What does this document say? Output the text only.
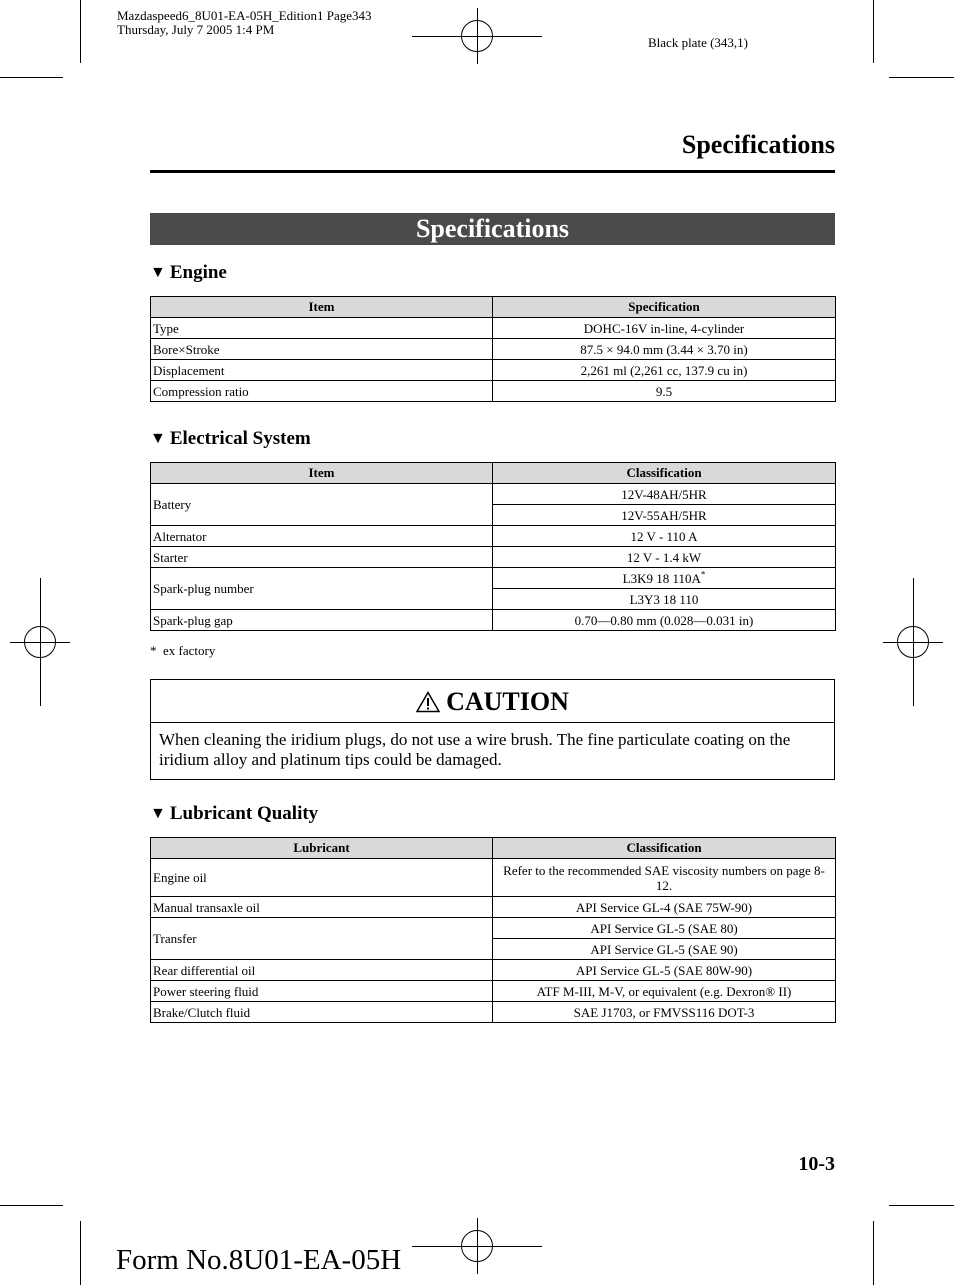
Mazdaspeed6_8U01-EA-05H_Edition1 Page343
Thursday, July 7 2005 1:4 PM
Black plate (343,1)
Specifications
Specifications
▼ Engine
Item	Specification
Type	DOHC-16V in-line, 4-cylinder
Bore×Stroke	87.5 × 94.0 mm (3.44 × 3.70 in)
Displacement	2,261 ml (2,261 cc, 137.9 cu in)
Compression ratio	9.5
▼ Electrical System
Item	Classification
Battery	12V-48AH/5HR
	12V-55AH/5HR
Alternator	12 V - 110 A
Starter	12 V - 1.4 kW
Spark-plug number	L3K9 18 110A*
	L3Y3 18 110
Spark-plug gap	0.70—0.80 mm (0.028—0.031 in)
*  ex factory
CAUTION
When cleaning the iridium plugs, do not use a wire brush. The fine particulate coating on the iridium alloy and platinum tips could be damaged.
▼ Lubricant Quality
Lubricant	Classification
Engine oil	Refer to the recommended SAE viscosity numbers on page 8-12.
Manual transaxle oil	API Service GL-4 (SAE 75W-90)
Transfer	API Service GL-5 (SAE 80)
	API Service GL-5 (SAE 90)
Rear differential oil	API Service GL-5 (SAE 80W-90)
Power steering fluid	ATF M-III, M-V, or equivalent (e.g. Dexron® II)
Brake/Clutch fluid	SAE J1703, or FMVSS116 DOT-3
10-3
Form No.8U01-EA-05H
